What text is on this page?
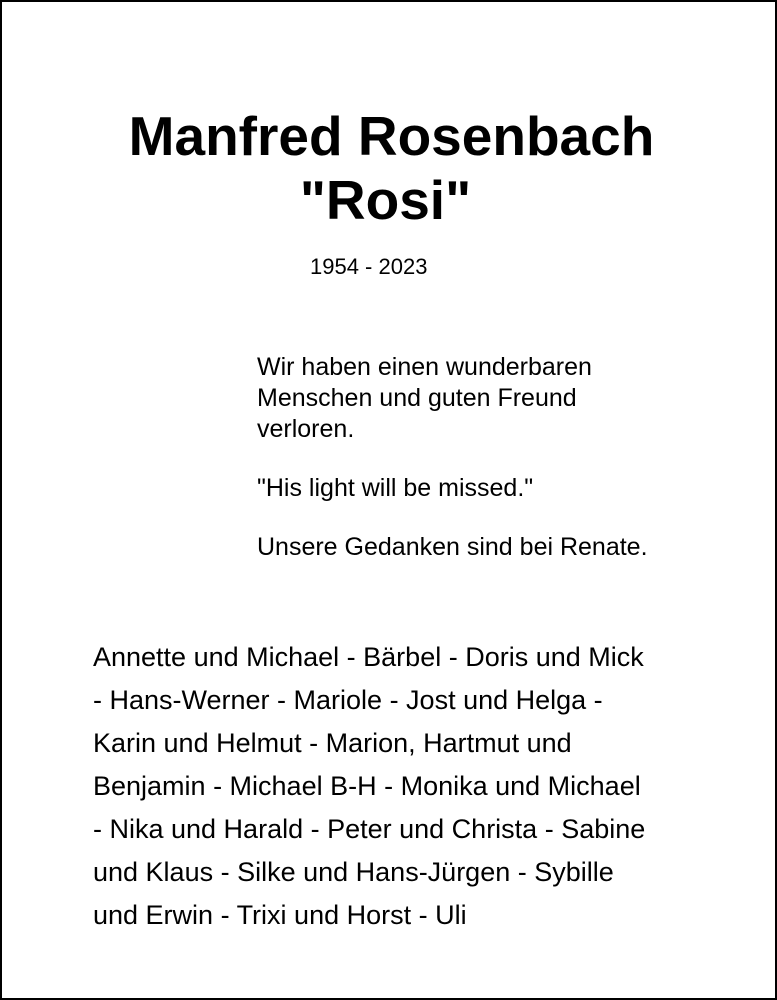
Manfred Rosenbach
"Rosi"
1954 - 2023

Wir haben einen wunderbaren
Menschen und guten Freund
verloren.

"His light will be missed."

Unsere Gedanken sind bei Renate.

Annette und Michael - Bärbel - Doris und Mick
- Hans-Werner - Mariole - Jost und Helga -
Karin und Helmut - Marion, Hartmut und
Benjamin - Michael B-H - Monika und Michael
- Nika und Harald - Peter und Christa - Sabine
und Klaus - Silke und Hans-Jürgen - Sybille
und Erwin - Trixi und Horst - Uli
